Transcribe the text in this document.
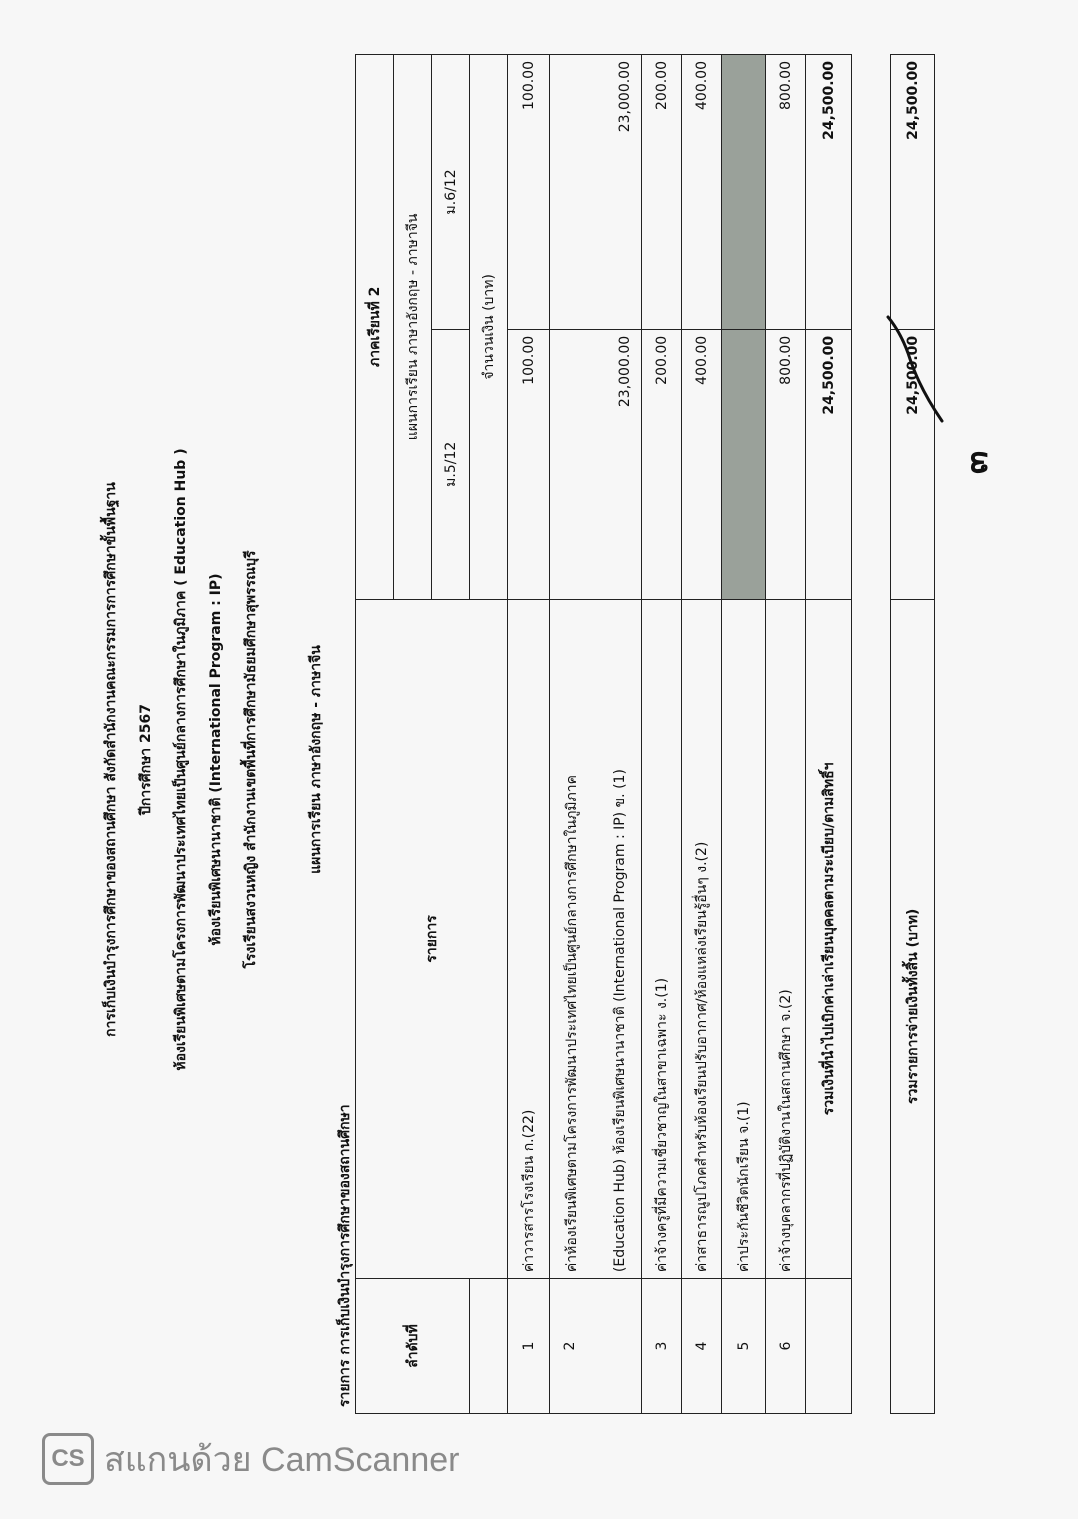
การเก็บเงินบำรุงการศึกษาของสถานศึกษา สังกัดสำนักงานคณะกรรมการการศึกษาขั้นพื้นฐาน ปีการศึกษา 2567 ห้องเรียนพิเศษตามโครงการพัฒนาประเทศไทยเป็นศูนย์กลางการศึกษาในภูมิภาค ( Education Hub ) ห้องเรียนพิเศษนานาชาติ (International Program : IP) โรงเรียนสงวนหญิง สำนักงานเขตพื้นที่การศึกษามัธยมศึกษาสุพรรณบุรี	แผนการเรียน ภาษาอังกฤษ - ภาษาจีน
รายการ การเก็บเงินบำรุงการศึกษาของสถานศึกษา	ลำดับที่	รายการ	ภาคเรียนที่ 2	
		แผนการเรียน ภาษาอังกฤษ - ภาษาจีน	
		ม.5/12	ม.6/12
		จำนวนเงิน (บาท)	
1	ค่าวารสารโรงเรียน ก.(22)	100.00	100.00
2	ค่าห้องเรียนพิเศษตามโครงการพัฒนาประเทศไทยเป็นศูนย์กลางการศึกษาในภูมิภาค (Education Hub) ห้องเรียนพิเศษนานาชาติ (International Program : IP) ข. (1)	23,000.00	23,000.00
3	ค่าจ้างครูที่มีความเชี่ยวชาญในสาขาเฉพาะ ง.(1)	200.00	200.00
4	ค่าสาธารณูปโภคสำหรับห้องเรียนปรับอากาศ/ห้องแหล่งเรียนรู้อื่นๆ ง.(2)	400.00	400.00
5	ค่าประกันชีวิตนักเรียน จ.(1)		
6	ค่าจ้างบุคลากรที่ปฏิบัติงานในสถานศึกษา จ.(2)	800.00	800.00
	รวมเงินที่นำไปเบิกค่าเล่าเรียนบุคคลตามระเบียบ/ตามสิทธิ์ฯ	24,500.00	24,500.00
รวมรายการจ่ายเงินทั้งสิ้น (บาท)	24,500.00	24,500.00
๓
CS สแกนด้วย CamScanner
